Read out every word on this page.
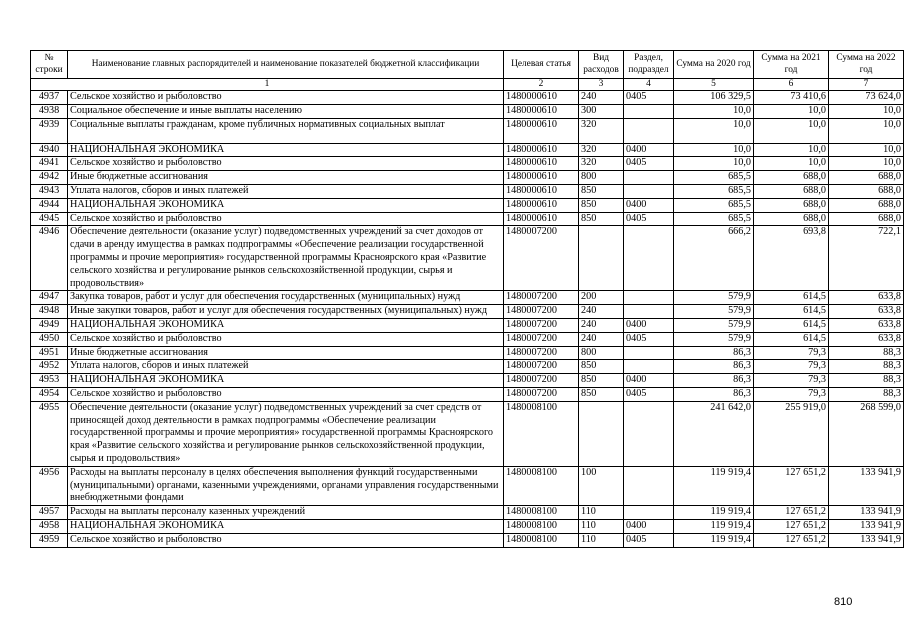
№ строки	Наименование главных распорядителей и наименование показателей бюджетной классификации	Целевая статья	Вид расходов	Раздел, подраздел	Сумма на 2020 год	Сумма на 2021 год	Сумма на 2022 год
1		2	3	4	5	6	7
4937	Сельское хозяйство и рыболовство	1480000610	240	0405	106 329,5	73 410,6	73 624,0
4938	Социальное обеспечение и иные выплаты населению	1480000610	300		10,0	10,0	10,0
4939	Социальные выплаты гражданам, кроме публичных нормативных социальных выплат	1480000610	320		10,0	10,0	10,0
4940	НАЦИОНАЛЬНАЯ ЭКОНОМИКА	1480000610	320	0400	10,0	10,0	10,0
4941	Сельское хозяйство и рыболовство	1480000610	320	0405	10,0	10,0	10,0
4942	Иные бюджетные ассигнования	1480000610	800		685,5	688,0	688,0
4943	Уплата налогов, сборов и иных платежей	1480000610	850		685,5	688,0	688,0
4944	НАЦИОНАЛЬНАЯ ЭКОНОМИКА	1480000610	850	0400	685,5	688,0	688,0
4945	Сельское хозяйство и рыболовство	1480000610	850	0405	685,5	688,0	688,0
4946	Обеспечение деятельности (оказание услуг) подведомственных учреждений за счет доходов от сдачи в аренду имущества в рамках подпрограммы «Обеспечение реализации государственной программы и прочие мероприятия» государственной программы Красноярского края «Развитие сельского хозяйства и регулирование рынков сельскохозяйственной продукции, сырья и продовольствия»	1480007200			666,2	693,8	722,1
4947	Закупка товаров, работ и услуг для обеспечения государственных (муниципальных) нужд	1480007200	200		579,9	614,5	633,8
4948	Иные закупки товаров, работ и услуг для обеспечения государственных (муниципальных) нужд	1480007200	240		579,9	614,5	633,8
4949	НАЦИОНАЛЬНАЯ ЭКОНОМИКА	1480007200	240	0400	579,9	614,5	633,8
4950	Сельское хозяйство и рыболовство	1480007200	240	0405	579,9	614,5	633,8
4951	Иные бюджетные ассигнования	1480007200	800		86,3	79,3	88,3
4952	Уплата налогов, сборов и иных платежей	1480007200	850		86,3	79,3	88,3
4953	НАЦИОНАЛЬНАЯ ЭКОНОМИКА	1480007200	850	0400	86,3	79,3	88,3
4954	Сельское хозяйство и рыболовство	1480007200	850	0405	86,3	79,3	88,3
4955	Обеспечение деятельности (оказание услуг) подведомственных учреждений за счет средств от приносящей доход деятельности в рамках подпрограммы «Обеспечение реализации государственной программы и прочие мероприятия» государственной программы Красноярского края «Развитие сельского хозяйства и регулирование рынков сельскохозяйственной продукции, сырья и продовольствия»	1480008100			241 642,0	255 919,0	268 599,0
4956	Расходы на выплаты персоналу в целях обеспечения выполнения функций государственными (муниципальными) органами, казенными учреждениями, органами управления государственными внебюджетными фондами	1480008100	100		119 919,4	127 651,2	133 941,9
4957	Расходы на выплаты персоналу казенных учреждений	1480008100	110		119 919,4	127 651,2	133 941,9
4958	НАЦИОНАЛЬНАЯ ЭКОНОМИКА	1480008100	110	0400	119 919,4	127 651,2	133 941,9
4959	Сельское хозяйство и рыболовство	1480008100	110	0405	119 919,4	127 651,2	133 941,9
810
